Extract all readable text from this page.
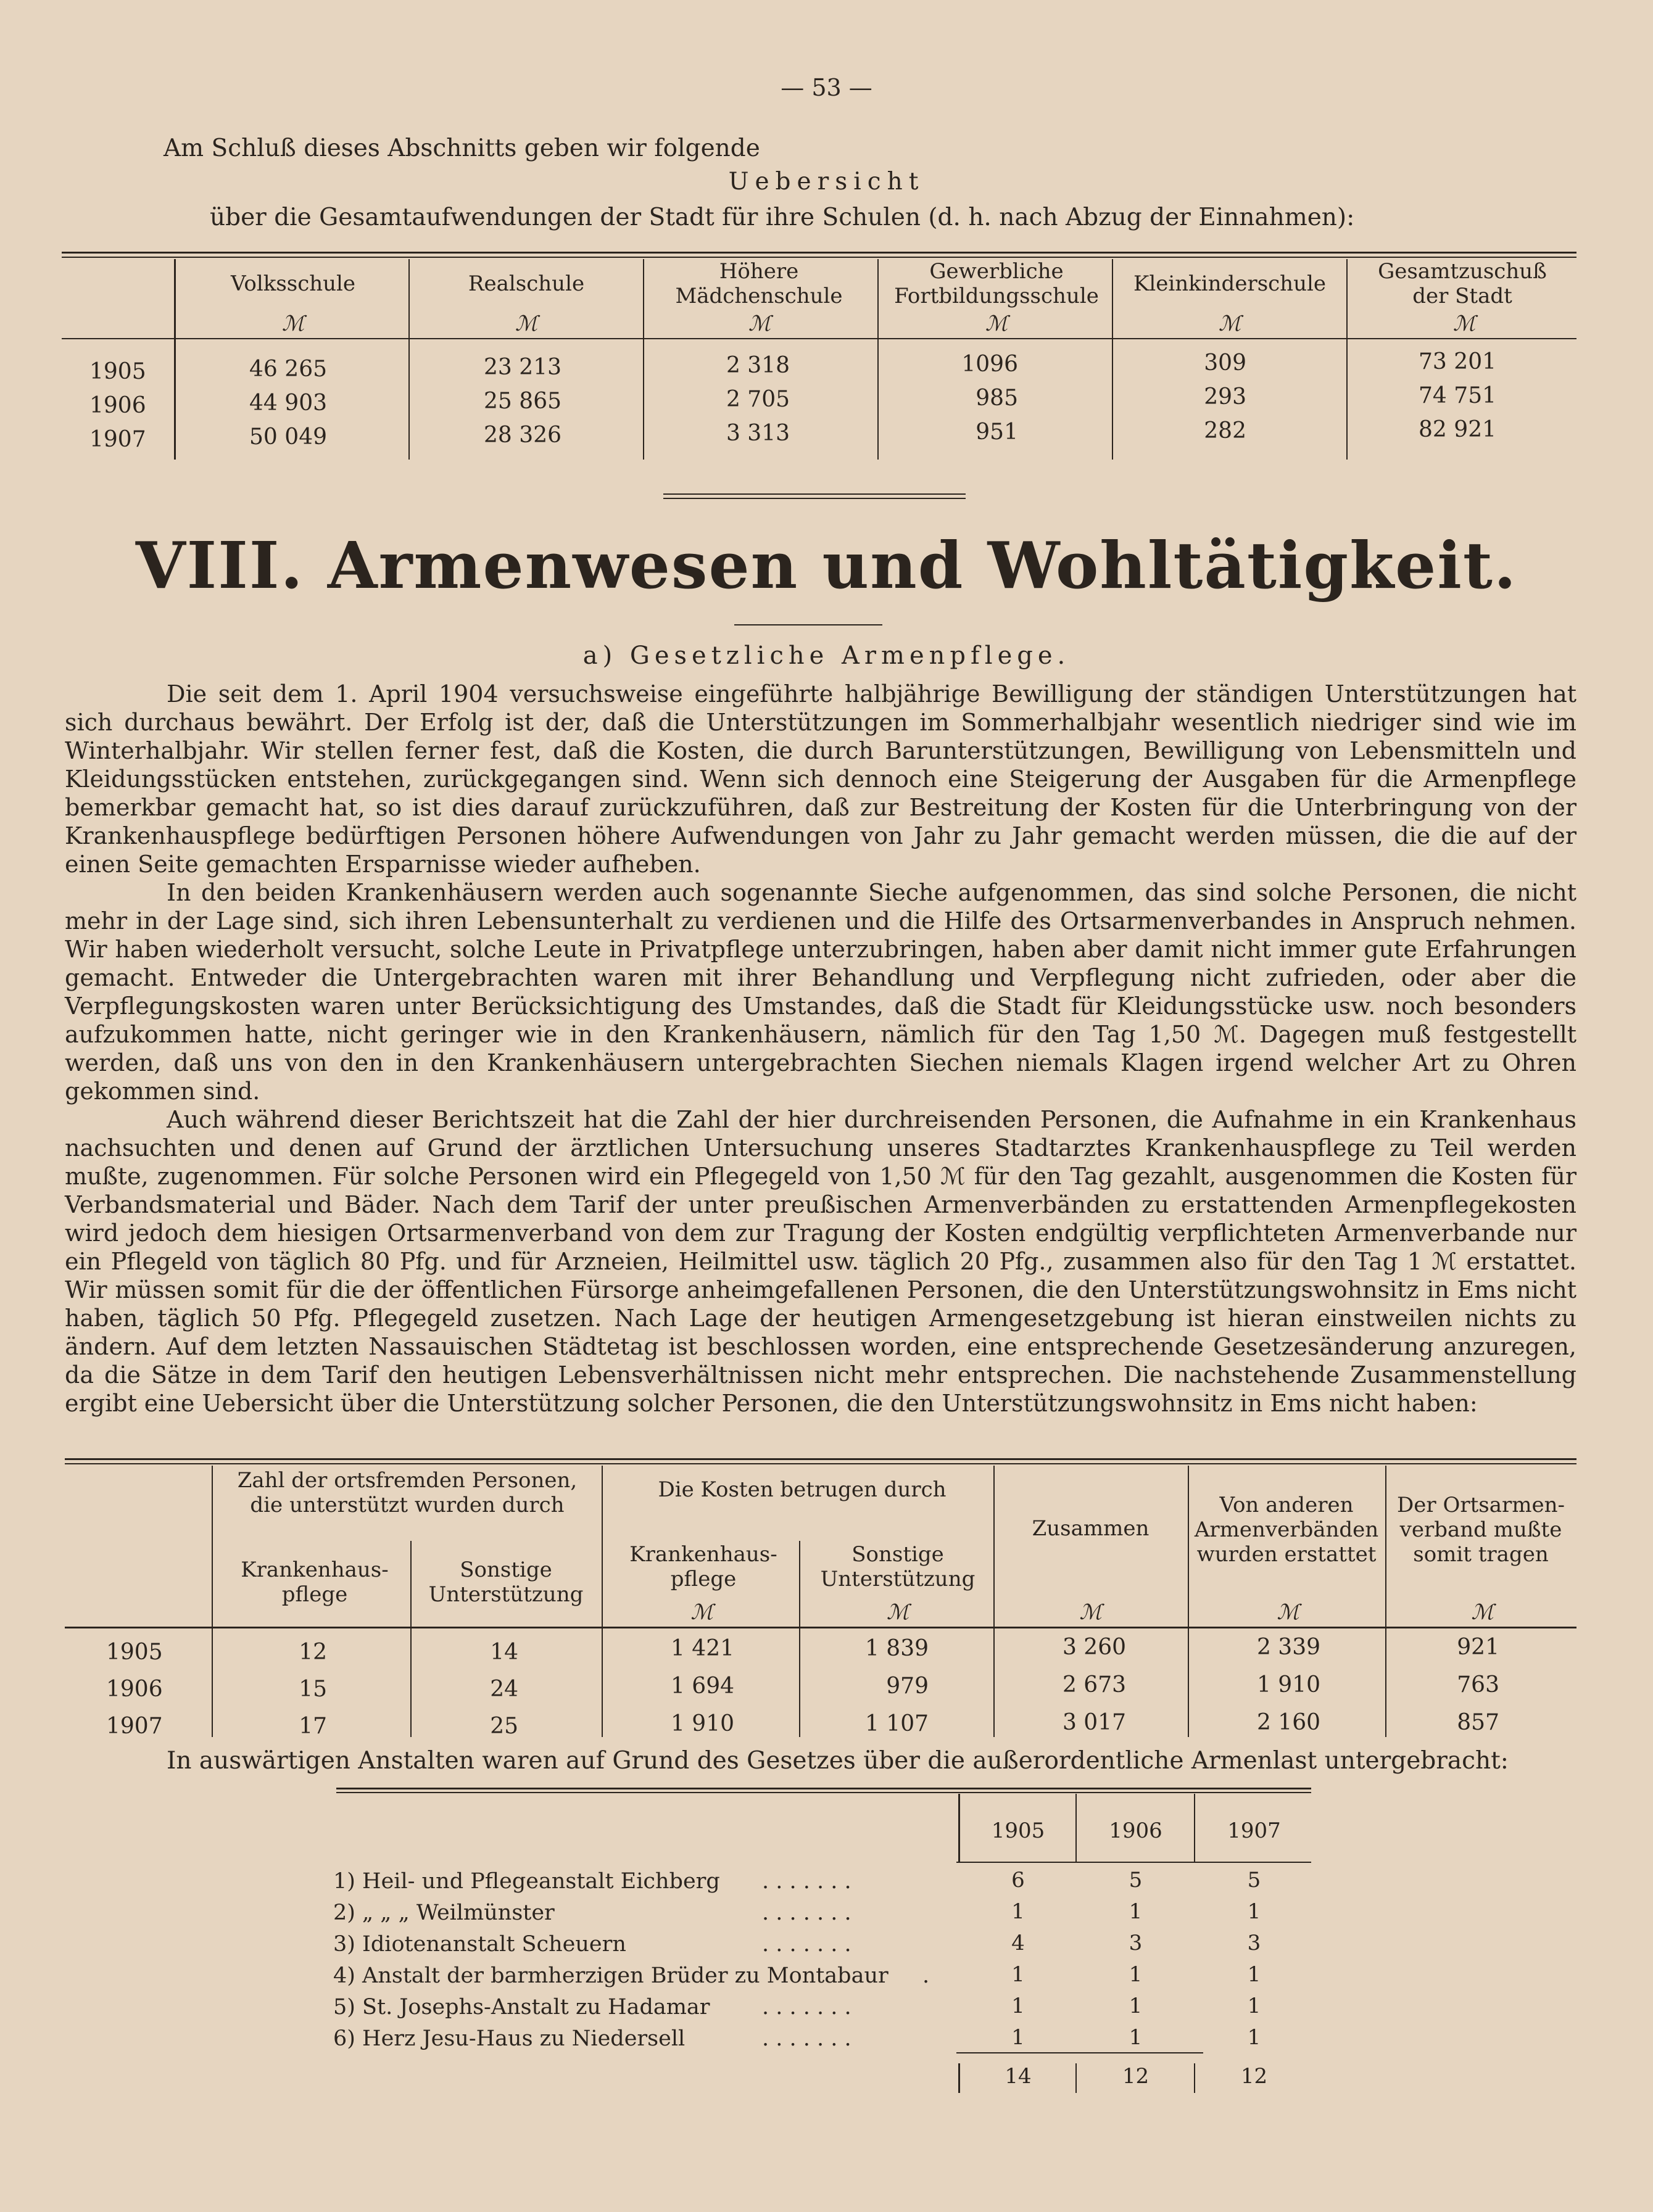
— 53 —
Am Schluß dieses Abschnitts geben wir folgende
Uebersicht
über die Gesamtaufwendungen der Stadt für ihre Schulen (d. h. nach Abzug der Einnahmen):
Volksschule	Realschule	Höhere Mädchenschule
Gewerbliche Fortbildungsschule	Kleinkinderschule	Gesamtzuschuß der Stadt
ℳ	ℳ	ℳ	ℳ	ℳ	ℳ
1905	46 265	23 213	2 318	1096	309	73 201
1906	44 903	25 865	2 705	985	293	74 751
1907	50 049	28 326	3 313	951	282	82 921
VIII. Armenwesen und Wohltätigkeit.
a) Gesetzliche Armenpflege.
Die seit dem 1. April 1904 versuchsweise eingeführte halbjährige Bewilligung der ständigen Unterstützungen hat sich durchaus bewährt. Der Erfolg ist der, daß die Unterstützungen im Sommerhalbjahr wesentlich niedriger sind wie im Winterhalbjahr. Wir stellen ferner fest, daß die Kosten, die durch Barunterstützungen, Bewilligung von Lebensmitteln und Kleidungsstücken entstehen, zurückgegangen sind. Wenn sich dennoch eine Steigerung der Ausgaben für die Armenpflege bemerkbar gemacht hat, so ist dies darauf zurückzuführen, daß zur Bestreitung der Kosten für die Unterbringung von der Krankenhauspflege bedürftigen Personen höhere Aufwendungen von Jahr zu Jahr gemacht werden müssen, die die auf der einen Seite gemachten Ersparnisse wieder aufheben.
In den beiden Krankenhäusern werden auch sogenannte Sieche aufgenommen, das sind solche Personen, die nicht mehr in der Lage sind, sich ihren Lebensunterhalt zu verdienen und die Hilfe des Ortsarmenverbandes in Anspruch nehmen. Wir haben wiederholt versucht, solche Leute in Privatpflege unterzubringen, haben aber damit nicht immer gute Erfahrungen gemacht. Entweder die Untergebrachten waren mit ihrer Behandlung und Verpflegung nicht zufrieden, oder aber die Verpflegungskosten waren unter Berücksichtigung des Umstandes, daß die Stadt für Kleidungsstücke usw. noch besonders aufzukommen hatte, nicht geringer wie in den Krankenhäusern, nämlich für den Tag 1,50 ℳ. Dagegen muß festgestellt werden, daß uns von den in den Krankenhäusern untergebrachten Siechen niemals Klagen irgend welcher Art zu Ohren gekommen sind.
Auch während dieser Berichtszeit hat die Zahl der hier durchreisenden Personen, die Aufnahme in ein Krankenhaus nachsuchten und denen auf Grund der ärztlichen Untersuchung unseres Stadtarztes Krankenhauspflege zu Teil werden mußte, zugenommen. Für solche Personen wird ein Pflegegeld von 1,50 ℳ für den Tag gezahlt, ausgenommen die Kosten für Verbandsmaterial und Bäder. Nach dem Tarif der unter preußischen Armenverbänden zu erstattenden Armenpflegekosten wird jedoch dem hiesigen Ortsarmenverband von dem zur Tragung der Kosten endgültig verpflichteten Armenverbande nur ein Pflegeld von täglich 80 Pfg. und für Arzneien, Heilmittel usw. täglich 20 Pfg., zusammen also für den Tag 1 ℳ erstattet. Wir müssen somit für die der öffentlichen Fürsorge anheimgefallenen Personen, die den Unterstützungswohnsitz in Ems nicht haben, täglich 50 Pfg. Pflegegeld zusetzen. Nach Lage der heutigen Armengesetzgebung ist hieran einstweilen nichts zu ändern. Auf dem letzten Nassauischen Städtetag ist beschlossen worden, eine entsprechende Gesetzesänderung anzuregen, da die Sätze in dem Tarif den heutigen Lebensverhältnissen nicht mehr entsprechen. Die nachstehende Zusammenstellung ergibt eine Uebersicht über die Unterstützung solcher Personen, die den Unterstützungswohnsitz in Ems nicht haben:
Zahl der ortsfremden Personen, die unterstützt wurden durch
Die Kosten betrugen durch
Krankenhaus-pflege
Sonstige Unterstützung
Krankenhaus-pflege
Sonstige Unterstützung
Zusammen
Von anderen Armenverbänden wurden erstattet
Der Ortsarmen-verband mußte somit tragen
ℳ	ℳ	ℳ	ℳ	ℳ
1905	12	14	1 421	1 839	3 260	2 339	921
1906	15	24	1 694	979	2 673	1 910	763
1907	17	25	1 910	1 107	3 017	2 160	857
In auswärtigen Anstalten waren auf Grund des Gesetzes über die außerordentliche Armenlast untergebracht:
1905	1906	1907
1) Heil- und Pflegeanstalt Eichberg . . . . . . .	6	5	5
2) „ „ „ Weilmünster	. . . . . . .	1	1	1
3) Idiotenanstalt Scheuern	. . . . . . .	4	3	3
4) Anstalt der barmherzigen Brüder zu Montabaur .	1	1	1
5) St. Josephs-Anstalt zu Hadamar . . . . . . .	1	1	1
6) Herz Jesu-Haus zu Niedersell	. . . . . . .	1	1	1
14	12	12
